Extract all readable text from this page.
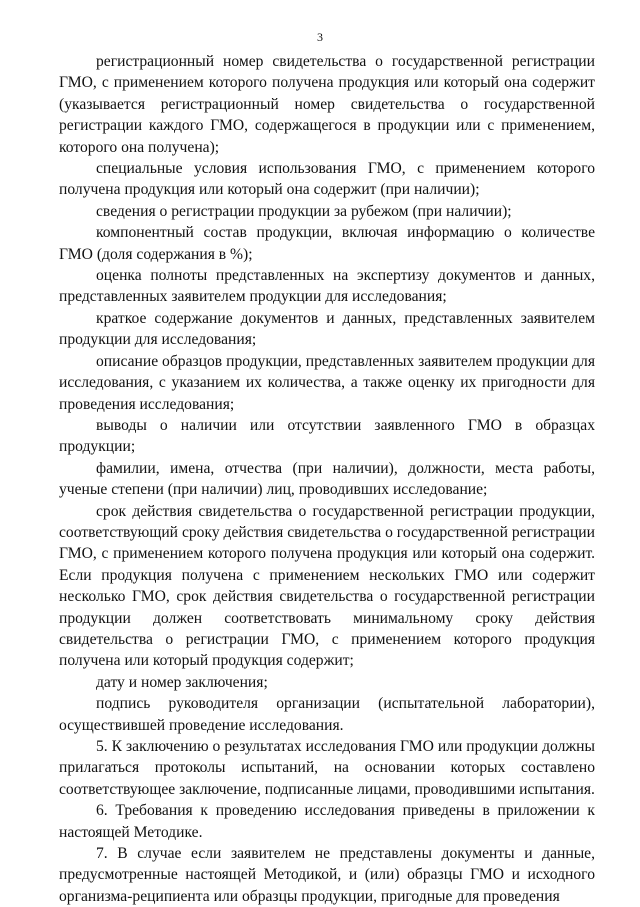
3

регистрационный номер свидетельства о государственной регистрации ГМО, с применением которого получена продукция или который она содержит (указывается регистрационный номер свидетельства о государственной регистрации каждого ГМО, содержащегося в продукции или с применением, которого она получена);

специальные условия использования ГМО, с применением которого получена продукция или который она содержит (при наличии);

сведения о регистрации продукции за рубежом (при наличии);

компонентный состав продукции, включая информацию о количестве ГМО (доля содержания в %);

оценка полноты представленных на экспертизу документов и данных, представленных заявителем продукции для исследования;

краткое содержание документов и данных, представленных заявителем продукции для исследования;

описание образцов продукции, представленных заявителем продукции для исследования, с указанием их количества, а также оценку их пригодности для проведения исследования;

выводы о наличии или отсутствии заявленного ГМО в образцах продукции;

фамилии, имена, отчества (при наличии), должности, места работы, ученые степени (при наличии) лиц, проводивших исследование;

срок действия свидетельства о государственной регистрации продукции, соответствующий сроку действия свидетельства о государственной регистрации ГМО, с применением которого получена продукция или который она содержит. Если продукция получена с применением нескольких ГМО или содержит несколько ГМО, срок действия свидетельства о государственной регистрации продукции должен соответствовать минимальному сроку действия свидетельства о регистрации ГМО, с применением которого продукция получена или который продукция содержит;

дату и номер заключения;

подпись руководителя организации (испытательной лаборатории), осуществившей проведение исследования.

5. К заключению о результатах исследования ГМО или продукции должны прилагаться протоколы испытаний, на основании которых составлено соответствующее заключение, подписанные лицами, проводившими испытания.

6. Требования к проведению исследования приведены в приложении к настоящей Методике.

7. В случае если заявителем не представлены документы и данные, предусмотренные настоящей Методикой, и (или) образцы ГМО и исходного организма-реципиента или образцы продукции, пригодные для проведения
